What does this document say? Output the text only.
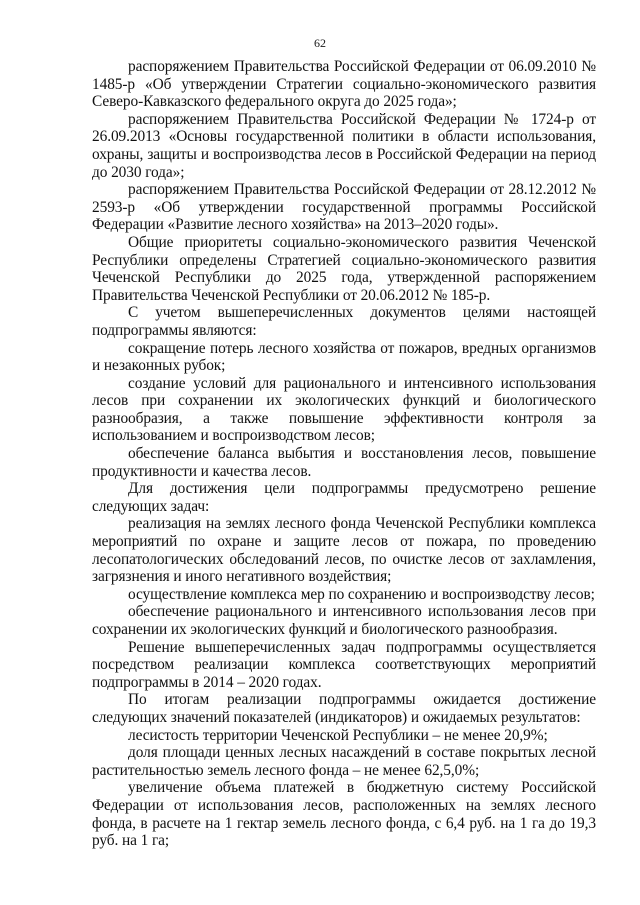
62

распоряжением Правительства Российской Федерации от 06.09.2010 № 1485-р «Об утверждении Стратегии социально-экономического развития Северо-Кавказского федерального округа до 2025 года»;

распоряжением Правительства Российской Федерации № 1724-р от 26.09.2013 «Основы государственной политики в области использования, охраны, защиты и воспроизводства лесов в Российской Федерации на период до 2030 года»;

распоряжением Правительства Российской Федерации от 28.12.2012 № 2593-р «Об утверждении государственной программы Российской Федерации «Развитие лесного хозяйства» на 2013–2020 годы».

Общие приоритеты социально-экономического развития Чеченской Республики определены Стратегией социально-экономического развития Чеченской Республики до 2025 года, утвержденной распоряжением Правительства Чеченской Республики от 20.06.2012 № 185-р.

С учетом вышеперечисленных документов целями настоящей подпрограммы являются:

сокращение потерь лесного хозяйства от пожаров, вредных организмов и незаконных рубок;

создание условий для рационального и интенсивного использования лесов при сохранении их экологических функций и биологического разнообразия, а также повышение эффективности контроля за использованием и воспроизводством лесов;

обеспечение баланса выбытия и восстановления лесов, повышение продуктивности и качества лесов.

Для достижения цели подпрограммы предусмотрено решение следующих задач:

реализация на землях лесного фонда Чеченской Республики комплекса мероприятий по охране и защите лесов от пожара, по проведению лесопатологических обследований лесов, по очистке лесов от захламления, загрязнения и иного негативного воздействия;

осуществление комплекса мер по сохранению и воспроизводству лесов;

обеспечение рационального и интенсивного использования лесов при сохранении их экологических функций и биологического разнообразия.

Решение вышеперечисленных задач подпрограммы осуществляется посредством реализации комплекса соответствующих мероприятий подпрограммы в 2014 – 2020 годах.

По итогам реализации подпрограммы ожидается достижение следующих значений показателей (индикаторов) и ожидаемых результатов:

лесистость территории Чеченской Республики – не менее 20,9%;

доля площади ценных лесных насаждений в составе покрытых лесной растительностью земель лесного фонда – не менее 62,5,0%;

увеличение объема платежей в бюджетную систему Российской Федерации от использования лесов, расположенных на землях лесного фонда, в расчете на 1 гектар земель лесного фонда, с 6,4 руб. на 1 га до 19,3 руб. на 1 га;
